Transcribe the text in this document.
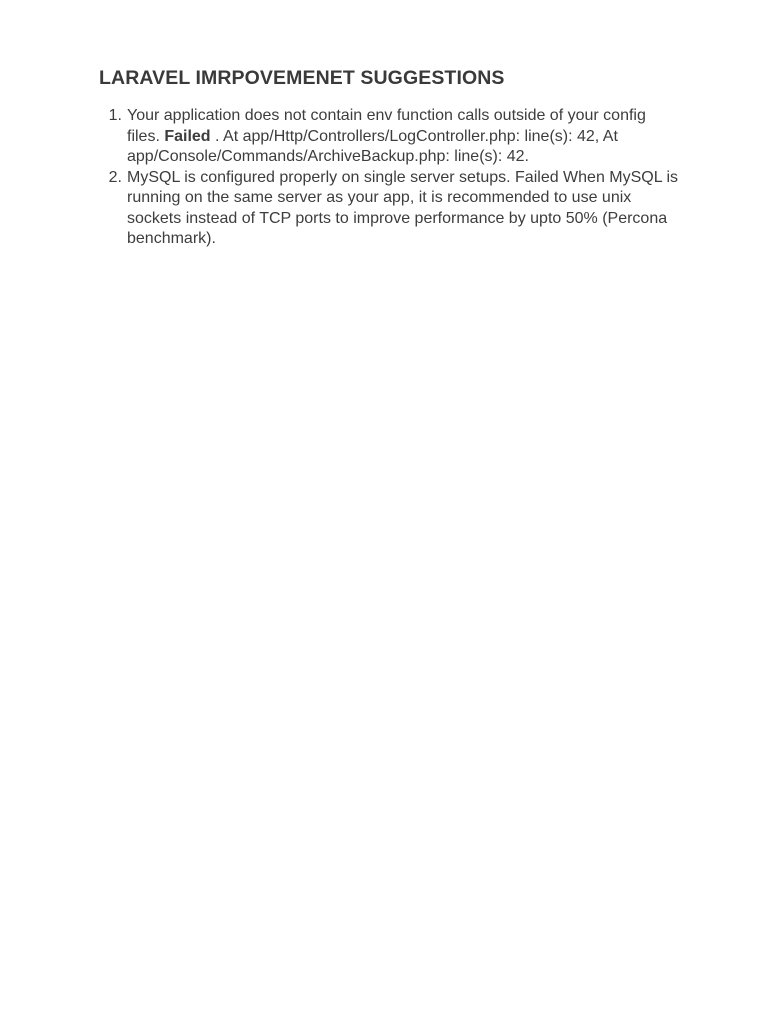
LARAVEL IMRPOVEMENET SUGGESTIONS
Your application does not contain env function calls outside of your config files. Failed . At app/Http/Controllers/LogController.php: line(s): 42, At app/Console/Commands/ArchiveBackup.php: line(s): 42.
MySQL is configured properly on single server setups. Failed When MySQL is running on the same server as your app, it is recommended to use unix sockets instead of TCP ports to improve performance by upto 50% (Percona benchmark).
